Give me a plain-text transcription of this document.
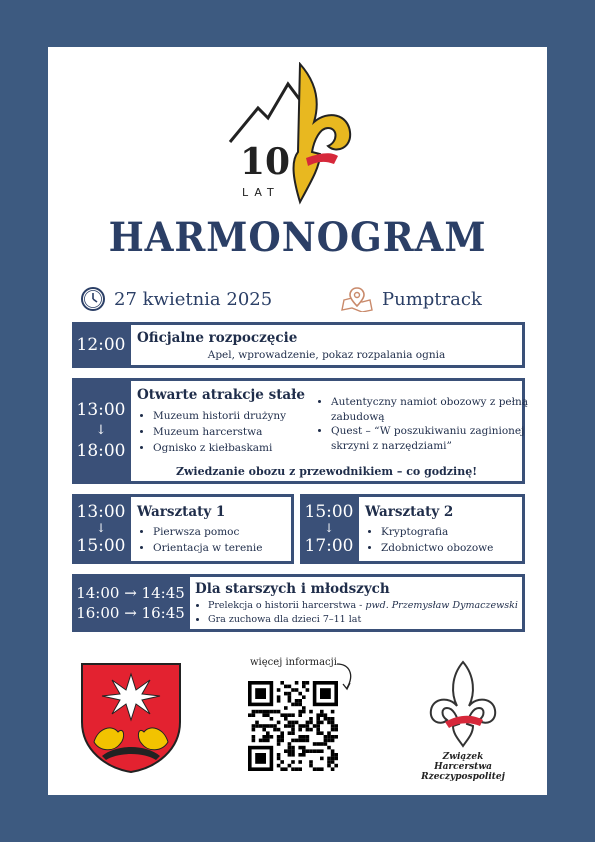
10
LAT
HARMONOGRAM
27 kwietnia 2025	Pumptrack
12:00 Oficjalne rozpoczęcie
Apel, wprowadzenie, pokaz rozpalania ognia
13:00
↓
18:00
Otwarte atrakcje stałe
• Muzeum historii drużyny
• Muzeum harcerstwa
• Ognisko z kiełbaskami
• Autentyczny namiot obozowy z pełną zabudową
• Quest – “W poszukiwaniu zaginionej skrzyni z narzędziami”
Zwiedzanie obozu z przewodnikiem – co godzinę!
13:00
↓
15:00
Warsztaty 1
• Pierwsza pomoc
• Orientacja w terenie
15:00
↓
17:00
Warsztaty 2
• Kryptografia
• Zdobnictwo obozowe
14:00 → 14:45
16:00 → 16:45
Dla starszych i młodszych
• Prelekcja o historii harcerstwa - pwd. Przemysław Dymaczewski
• Gra zuchowa dla dzieci 7–11 lat
więcej informacji
Związek Harcerstwa
Rzeczypospolitej
